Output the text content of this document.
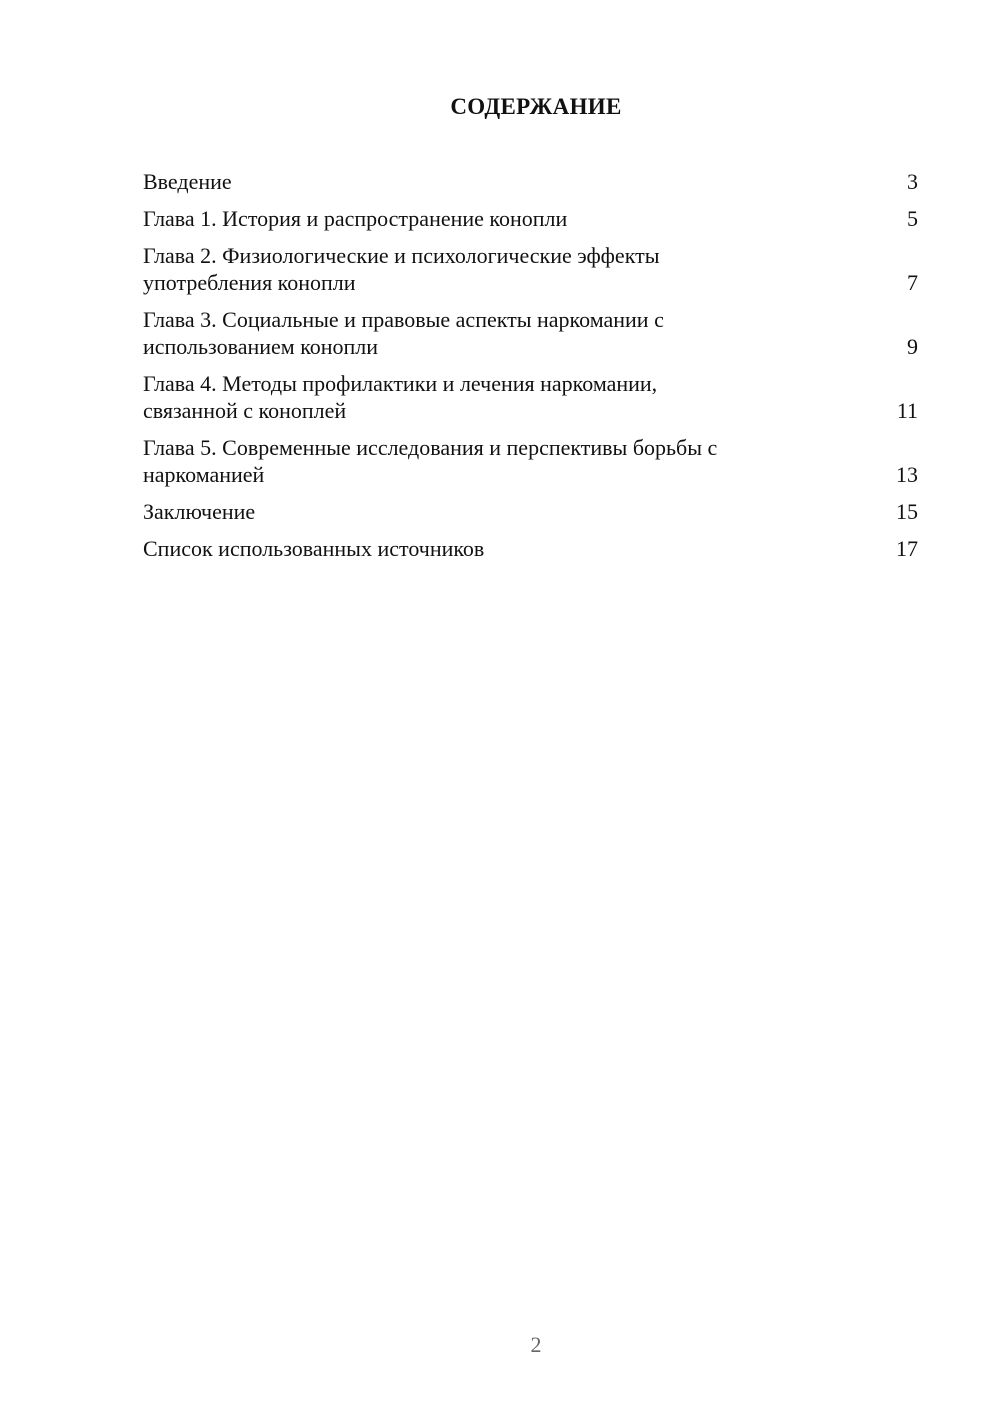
СОДЕРЖАНИЕ
Введение	3
Глава 1. История и распространение конопли	5
Глава 2. Физиологические и психологические эффекты
употребления конопли	7
Глава 3. Социальные и правовые аспекты наркомании с
использованием конопли	9
Глава 4. Методы профилактики и лечения наркомании,
связанной с коноплей	11
Глава 5. Современные исследования и перспективы борьбы с
наркоманией	13
Заключение	15
Список использованных источников	17
2
